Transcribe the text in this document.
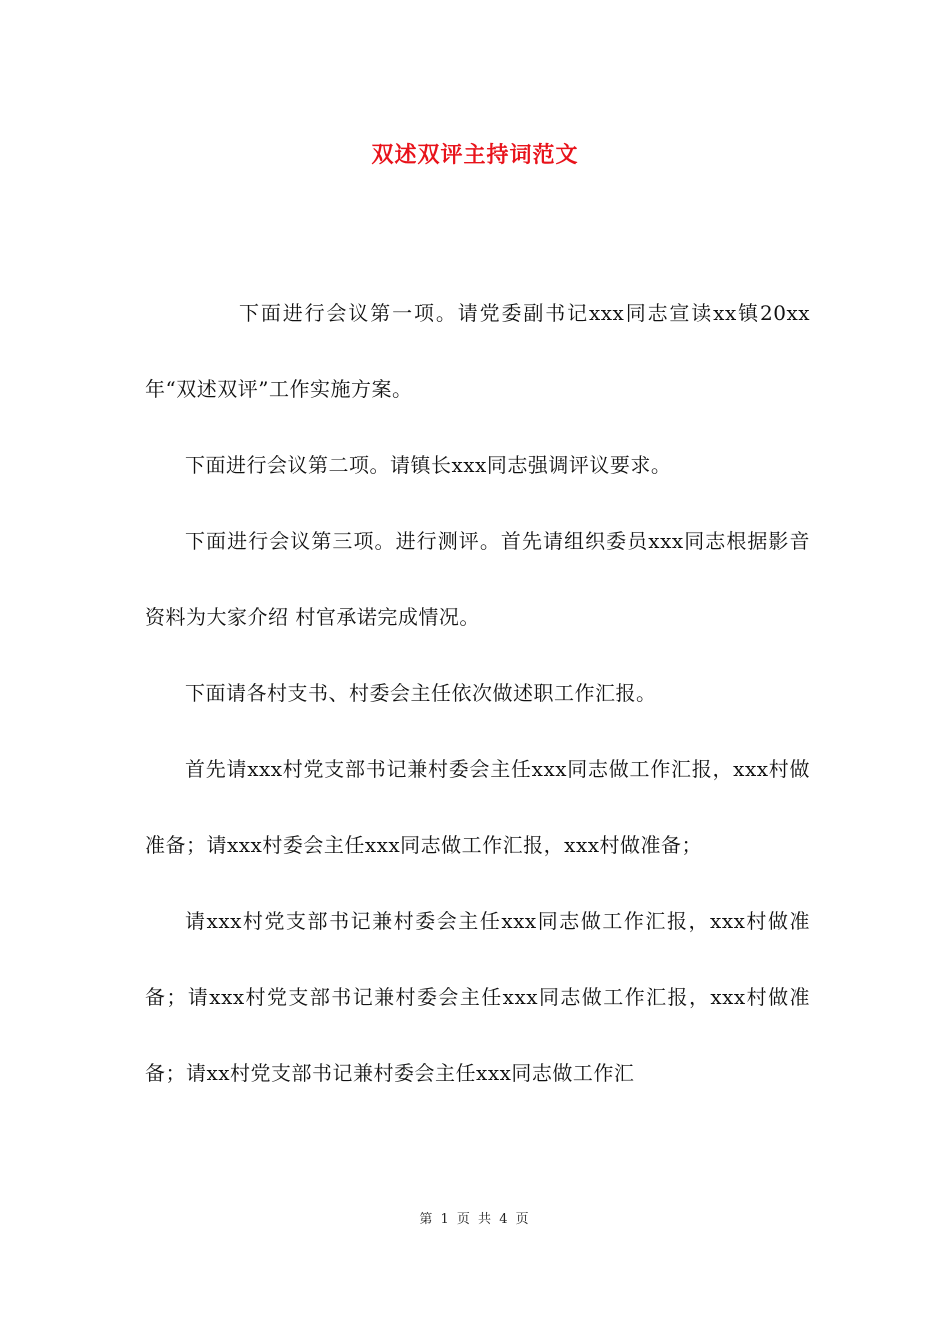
双述双评主持词范文

下面进行会议第一项。请党委副书记xxx同志宣读xx镇20xx年“双述双评”工作实施方案。

下面进行会议第二项。请镇长xxx同志强调评议要求。

下面进行会议第三项。进行测评。首先请组织委员xxx同志根据影音资料为大家介绍 村官承诺完成情况。

下面请各村支书、村委会主任依次做述职工作汇报。

首先请xxx村党支部书记兼村委会主任xxx同志做工作汇报，xxx村做准备；请xxx村委会主任xxx同志做工作汇报，xxx村做准备；

请xxx村党支部书记兼村委会主任xxx同志做工作汇报，xxx村做准备；请xxx村党支部书记兼村委会主任xxx同志做工作汇报，xxx村做准备；请xx村党支部书记兼村委会主任xxx同志做工作汇

第 1 页 共 4 页
